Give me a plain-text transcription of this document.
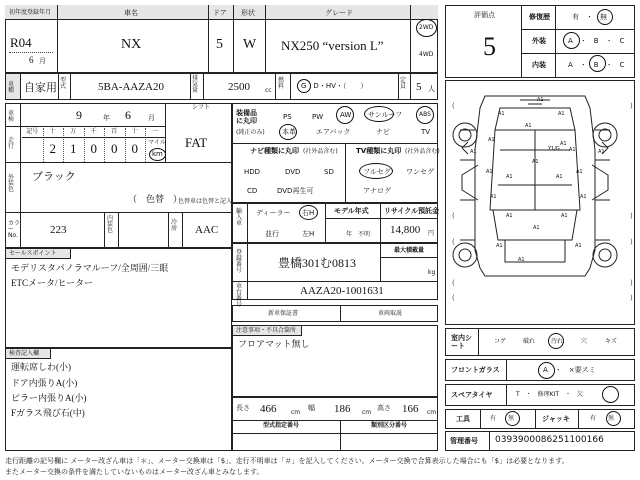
初年度登録年月
R04
6 月
車名
NX
ドア
5
形状
W
グレード
NX250 “version L”
2WD
4WD
車種 自家用
型式	5BA-AAZA20
排気量	2500	cc
燃料	G　D・HV・（　　）
定員 5 人
車検	9	年 6 月
シフト
FAT
走行
記号	十
2
万
1
千
0
百
0
十
0
一
マイル
km
外装色
ブラック
（　色替　）
色替車は色替と記入
カラーNo.	223
内装色
冷房	AAC
セールスポイント
モデリスタパノラマルーフ/全周囲/三眼
ETCメータ/ヒーター
検査記入欄
運転席しわ(小)
ドア内張りA(小)
ピラー内張りA(小)
Fガラス飛び石(中)
装備品に丸印
(純正のみ)
PS	PW AW サンルーフ	ABS
本革	エアバック	ナビ	TV
ナビ種類に丸印 (社外品含む)
HDD	DVD	SD
CD	DVD再生可
TV種類に丸印 (社外品含む)
フルセグ ワンセグ
アナログ
輸入車
ディーラー 右H
並行	左H
モデル年式
年　不明
リサイクル預託金
14,800 円
登録番号
豊橋301む0813
最大積載量
kg
車台番号
AAZA20-1001631
新車保証書	車両取説
注意事項・不具合箇所
フロアマット無し
長さ 466 cm
幅 186 cm
高さ 166 cm
型式指定番号	類別区分番号
評価点
5
修復歴	有　・　無
外装	A　・　B　・　C
内装	A　・　B　・　C
(	)
(	)
(	)
(	)
(	)
A1
A1	A1
A1
A1
A1
A1
A1	A1
A1	A1
A1	A1
A1
A1	A1
A1	A1
A1
A1	A1
A1
Y1/G
室内シート
コゲ	破れ	汚れ	穴	キズ
フロントガラス	A　・　×要スミ
スペアタイヤ	T　・　修理KIT　・　欠
工具	有　　無	ジャッキ	有　　無
管理番号 0393900086251100166
走行距離の記号欄に メーター改ざん車は「＊」、メーター交換車は「$」、走行不明車は「＃」を記入してください。メーター交換で合算表示した場合にも「$」は必要となります。
またメーター交換の条件を満たしていないものはメーター改ざん車とみなします。
